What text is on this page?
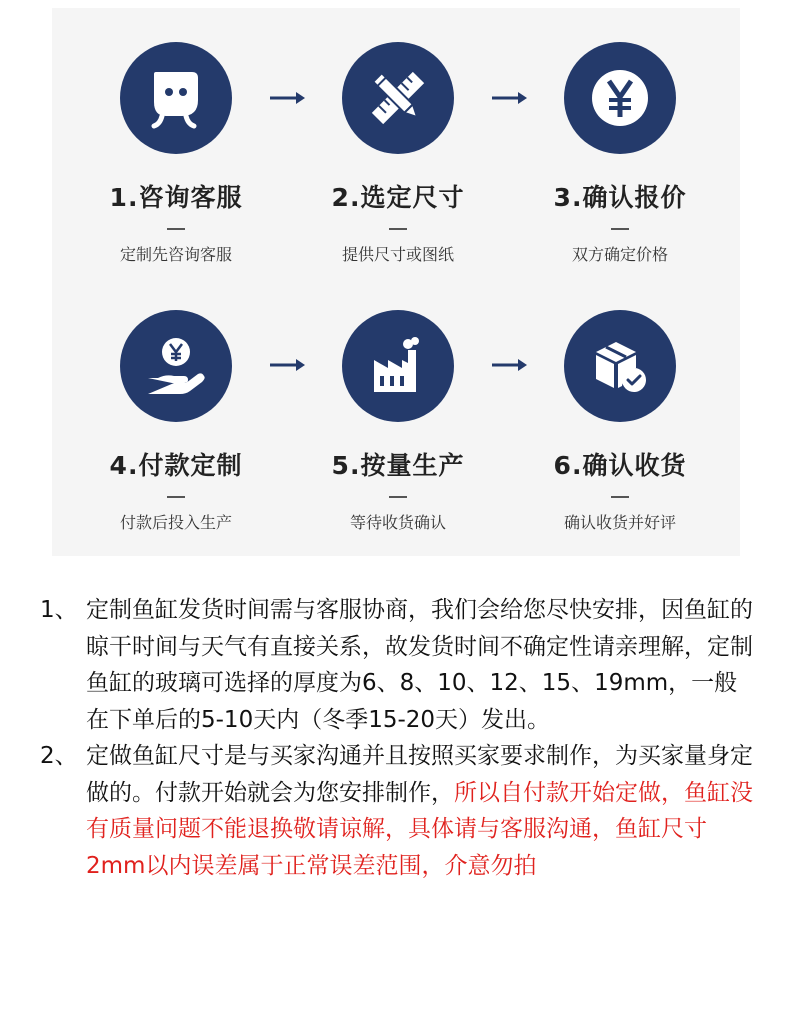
1.咨询客服
定制先咨询客服
2.选定尺寸
提供尺寸或图纸
3.确认报价
双方确定价格
4.付款定制
付款后投入生产
5.按量生产
等待收货确认
6.确认收货
确认收货并好评
1、 定制鱼缸发货时间需与客服协商，我们会给您尽快安排，因鱼缸的晾干时间与天气有直接关系，故发货时间不确定性请亲理解，定制鱼缸的玻璃可选择的厚度为6、8、10、12、15、19mm，一般在下单后的5-10天内（冬季15-20天）发出。
2、 定做鱼缸尺寸是与买家沟通并且按照买家要求制作，为买家量身定做的。付款开始就会为您安排制作，所以自付款开始定做，鱼缸没有质量问题不能退换敬请谅解，具体请与客服沟通，鱼缸尺寸2mm以内误差属于正常误差范围，介意勿拍
